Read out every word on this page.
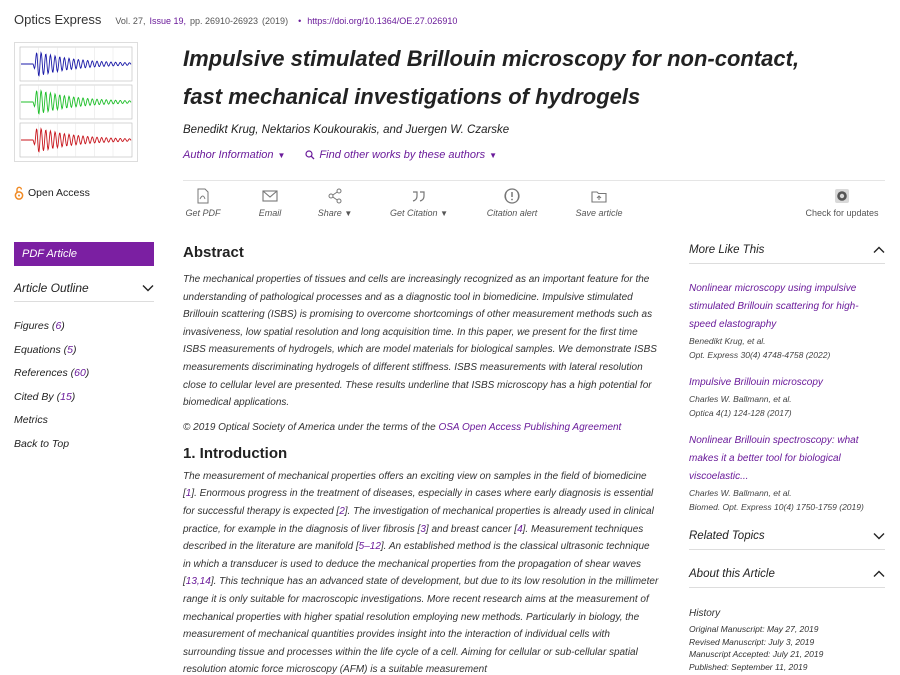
Optics Express Vol. 27, Issue 19, pp. 26910-26923 (2019) • https://doi.org/10.1364/OE.27.026910
Impulsive stimulated Brillouin microscopy for non-contact, fast mechanical investigations of hydrogels
Benedikt Krug, Nektarios Koukourakis, and Juergen W. Czarske
Author Information ▼	Find other works by these authors ▼
Open Access
Get PDF	Email	Share ▼	Get Citation ▼	Citation alert	Save article	Check for updates
PDF Article
Article Outline
Figures (6)
Equations (5)
References (60)
Cited By (15)
Metrics
Back to Top
Abstract

The mechanical properties of tissues and cells are increasingly recognized as an important feature for the understanding of pathological processes and as a diagnostic tool in biomedicine. Impulsive stimulated Brillouin scattering (ISBS) is promising to overcome shortcomings of other measurement methods such as invasiveness, low spatial resolution and long acquisition time. In this paper, we present for the first time ISBS measurements of hydrogels, which are model materials for biological samples. We demonstrate ISBS measurements discriminating hydrogels of different stiffness. ISBS measurements with lateral resolution close to cellular level are presented. These results underline that ISBS microscopy has a high potential for biomedical applications.

© 2019 Optical Society of America under the terms of the OSA Open Access Publishing Agreement

1. Introduction

The measurement of mechanical properties offers an exciting view on samples in the field of biomedicine [1]. Enormous progress in the treatment of diseases, especially in cases where early diagnosis is essential for successful therapy is expected [2]. The investigation of mechanical properties is already used in clinical practice, for example in the diagnosis of liver fibrosis [3] and breast cancer [4]. Measurement techniques described in the literature are manifold [5–12]. An established method is the classical ultrasonic technique in which a transducer is used to deduce the mechanical properties from the propagation of shear waves [13,14]. This technique has an advanced state of development, but due to its low resolution in the millimeter range it is only suitable for macroscopic investigations. More recent research aims at the measurement of mechanical properties with higher spatial resolution employing new methods. Particularly in biology, the measurement of mechanical quantities provides insight into the interaction of individual cells with surrounding tissue and processes within the life cycle of a cell. Aiming for cellular or sub-cellular spatial resolution atomic force microscopy (AFM) is a suitable measurement

More Like This
Nonlinear microscopy using impulsive stimulated Brillouin scattering for high-speed elastography
Benedikt Krug, et al.
Opt. Express 30(4) 4748-4758 (2022)
Impulsive Brillouin microscopy
Charles W. Ballmann, et al.
Optica 4(1) 124-128 (2017)
Nonlinear Brillouin spectroscopy: what makes it a better tool for biological viscoelastic...
Charles W. Ballmann, et al.
Biomed. Opt. Express 10(4) 1750-1759 (2019)
Related Topics
About this Article
History
Original Manuscript: May 27, 2019
Revised Manuscript: July 3, 2019
Manuscript Accepted: July 21, 2019
Published: September 11, 2019
